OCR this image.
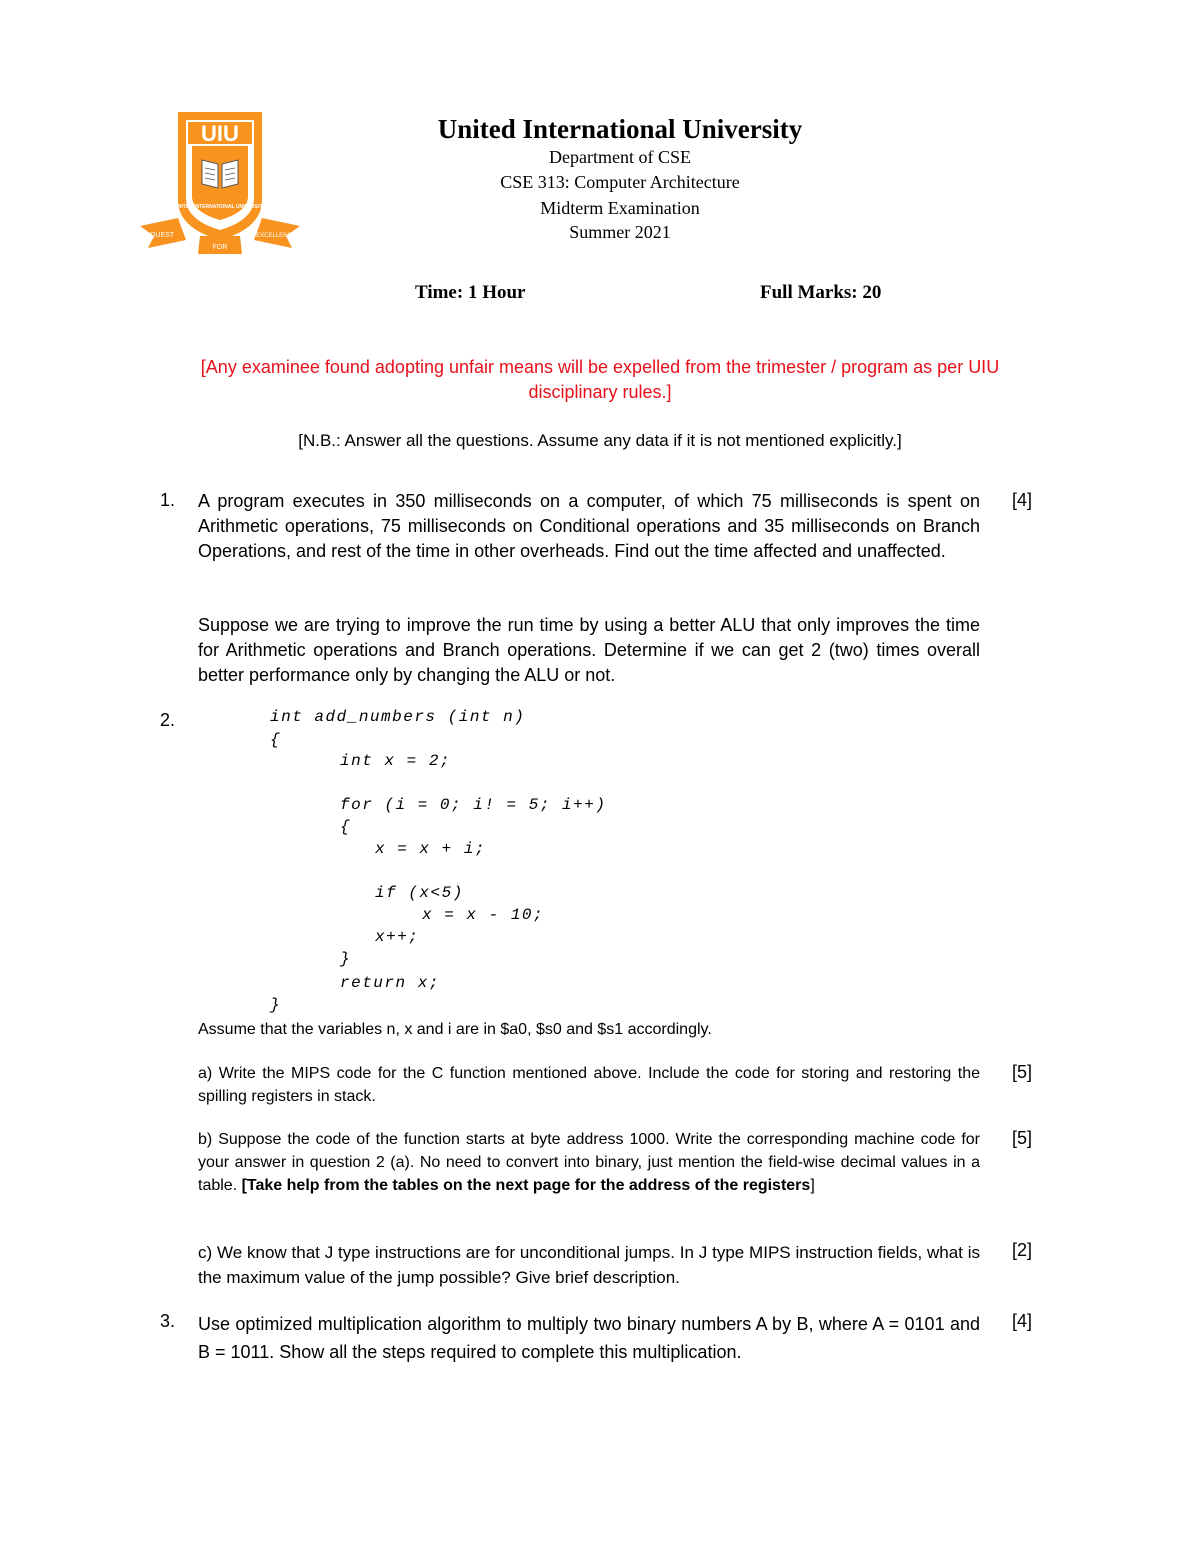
UIU
UNITED INTERNATIONAL UNIVERSITY
QUEST
FOR
EXCELLENCE
United International University
Department of CSE
CSE 313: Computer Architecture
Midterm Examination
Summer 2021
Time: 1 Hour	Full Marks: 20
[Any examinee found adopting unfair means will be expelled from the trimester / program as per UIU
disciplinary rules.]
[N.B.: Answer all the questions. Assume any data if it is not mentioned explicitly.]
1.	[4]
A program executes in 350 milliseconds on a computer, of which 75 milliseconds is spent on Arithmetic operations, 75 milliseconds on Conditional operations and 35 milliseconds on Branch Operations, and rest of the time in other overheads. Find out the time affected and unaffected.
Suppose we are trying to improve the run time by using a better ALU that only improves the time for Arithmetic operations and Branch operations. Determine if we can get 2 (two) times overall better performance only by changing the ALU or not.
2.	int add_numbers (int n)
{
int x = 2;
for (i = 0; i! = 5; i++)
{
x = x + i;
if (x<5)
x = x - 10;
x++;
}
return x;
}
Assume that the variables n, x and i are in $a0, $s0 and $s1 accordingly.
a) Write the MIPS code for the C function mentioned above. Include the code for storing and restoring the spilling registers in stack.
[5]
b) Suppose the code of the function starts at byte address 1000. Write the corresponding machine code for your answer in question 2 (a). No need to convert into binary, just mention the field-wise decimal values in a table. [Take help from the tables on the next page for the address of the registers]
[5]
c) We know that J type instructions are for unconditional jumps. In J type MIPS instruction fields, what is the maximum value of the jump possible? Give brief description.
[2]
3.	[4]
Use optimized multiplication algorithm to multiply two binary numbers A by B, where A = 0101 and B = 1011. Show all the steps required to complete this multiplication.
